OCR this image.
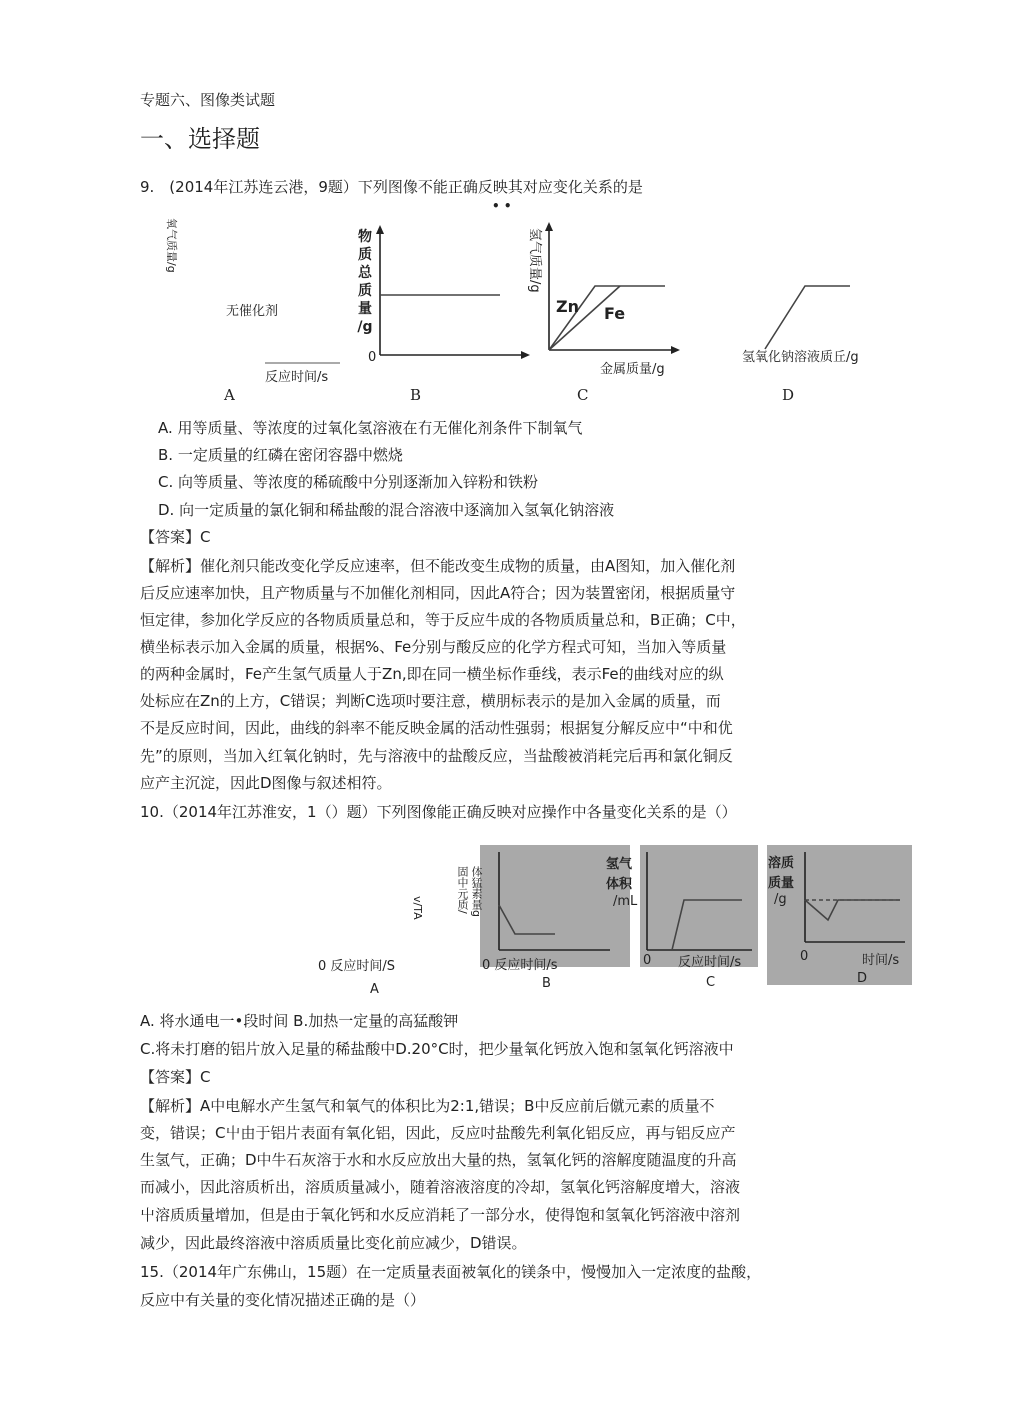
专题六、图像类试题
一、选择题
9.　(2014年江苏连云港，9题）下列图像不能正确反映其对应变化关系的是
• •
氧气质量/g
无催化剂
反应时间/s
A
物
质
总
质
量
/g
0
B
氢气质量/g
Zn Fe
金属质量/g
C
氢氧化钠溶液质丘/g
D
A. 用等质量、等浓度的过氧化氢溶液在冇无催化剂条件下制氧气
B. 一定质量的红磷在密闭容器中燃烧
C. 向等质量、等浓度的稀硫酸中分别逐渐加入锌粉和铁粉
D. 向一定质量的氯化铜和稀盐酸的混合溶液中逐滴加入氢氧化钠溶液
【答案】C
【解析】催化剂只能改变化学反应速率，但不能改变生成物的质量，由A图知，加入催化剂
后反应速率加快，且产物质量与不加催化剂相同，因此A符合；因为装置密闭，根据质量守
恒定律，参加化学反应的各物质质量总和，等于反应牛成的各物质质量总和，B正确；C中，
横坐标表示加入金属的质量，根据%、Fe分别与酸反应的化学方程式可知，当加入等质量
的两种金属时，Fe产生氢气质量人于Zn,即在同一横坐标作垂线，表示Fe的曲线对应的纵
处标应在Zn的上方，C错误；判断C选项吋要注意，横朋标表示的是加入金属的质量，而
不是反应时间，因此，曲线的斜率不能反映金属的活动性强弱；根据复分解反应中“中和优
先”的原则，当加入红氧化钠时，先与溶液中的盐酸反应，当盐酸被消耗完后再和氯化铜反
应产主沉淀，因此D图像与叙述相符。
10.（2014年江苏淮安，1（）题）下列图像能正确反映对应操作中各量变化关系的是（）
v/TA
0 反应时间/S
A
固中元质/ 体猛素量g
0 反应时间/s
B
氢气
体积
/mL
0 反应时间/s
C
溶质
质量
/g
0	时间/s
D
A. 将水通电一•段时间 B.加热一定量的高猛酸钾
C.将未打磨的铝片放入足量的稀盐酸中D.20°C时，把少量氧化钙放入饱和氢氧化钙溶液中
【答案】C
【解析】A中电解水产生氢气和氧气的体积比为2:1,错误；B中反应前后僦元素的质量不
变，错误；C屮由于铝片表面有氧化铝，因此，反应吋盐酸先利氧化铝反应，再与铝反应产
生氢气，正确；D中牛石灰溶于水和水反应放出大量的热，氢氧化钙的溶解度随温度的升高
而减小，因此溶质析出，溶质质量减小，随着溶液溶度的冷却，氢氧化钙溶解度增大，溶液
屮溶质质量增加，但是由于氧化钙和水反应消耗了一部分水，使得饱和氢氧化钙溶液中溶剂
减少，因此最终溶液中溶质质量比变化前应减少，D错误。
15.（2014年广东佛山，15题）在一定质量表面被氧化的镁条中，慢慢加入一定浓度的盐酸，
反应中有关量的变化情况描述正确的是（）
